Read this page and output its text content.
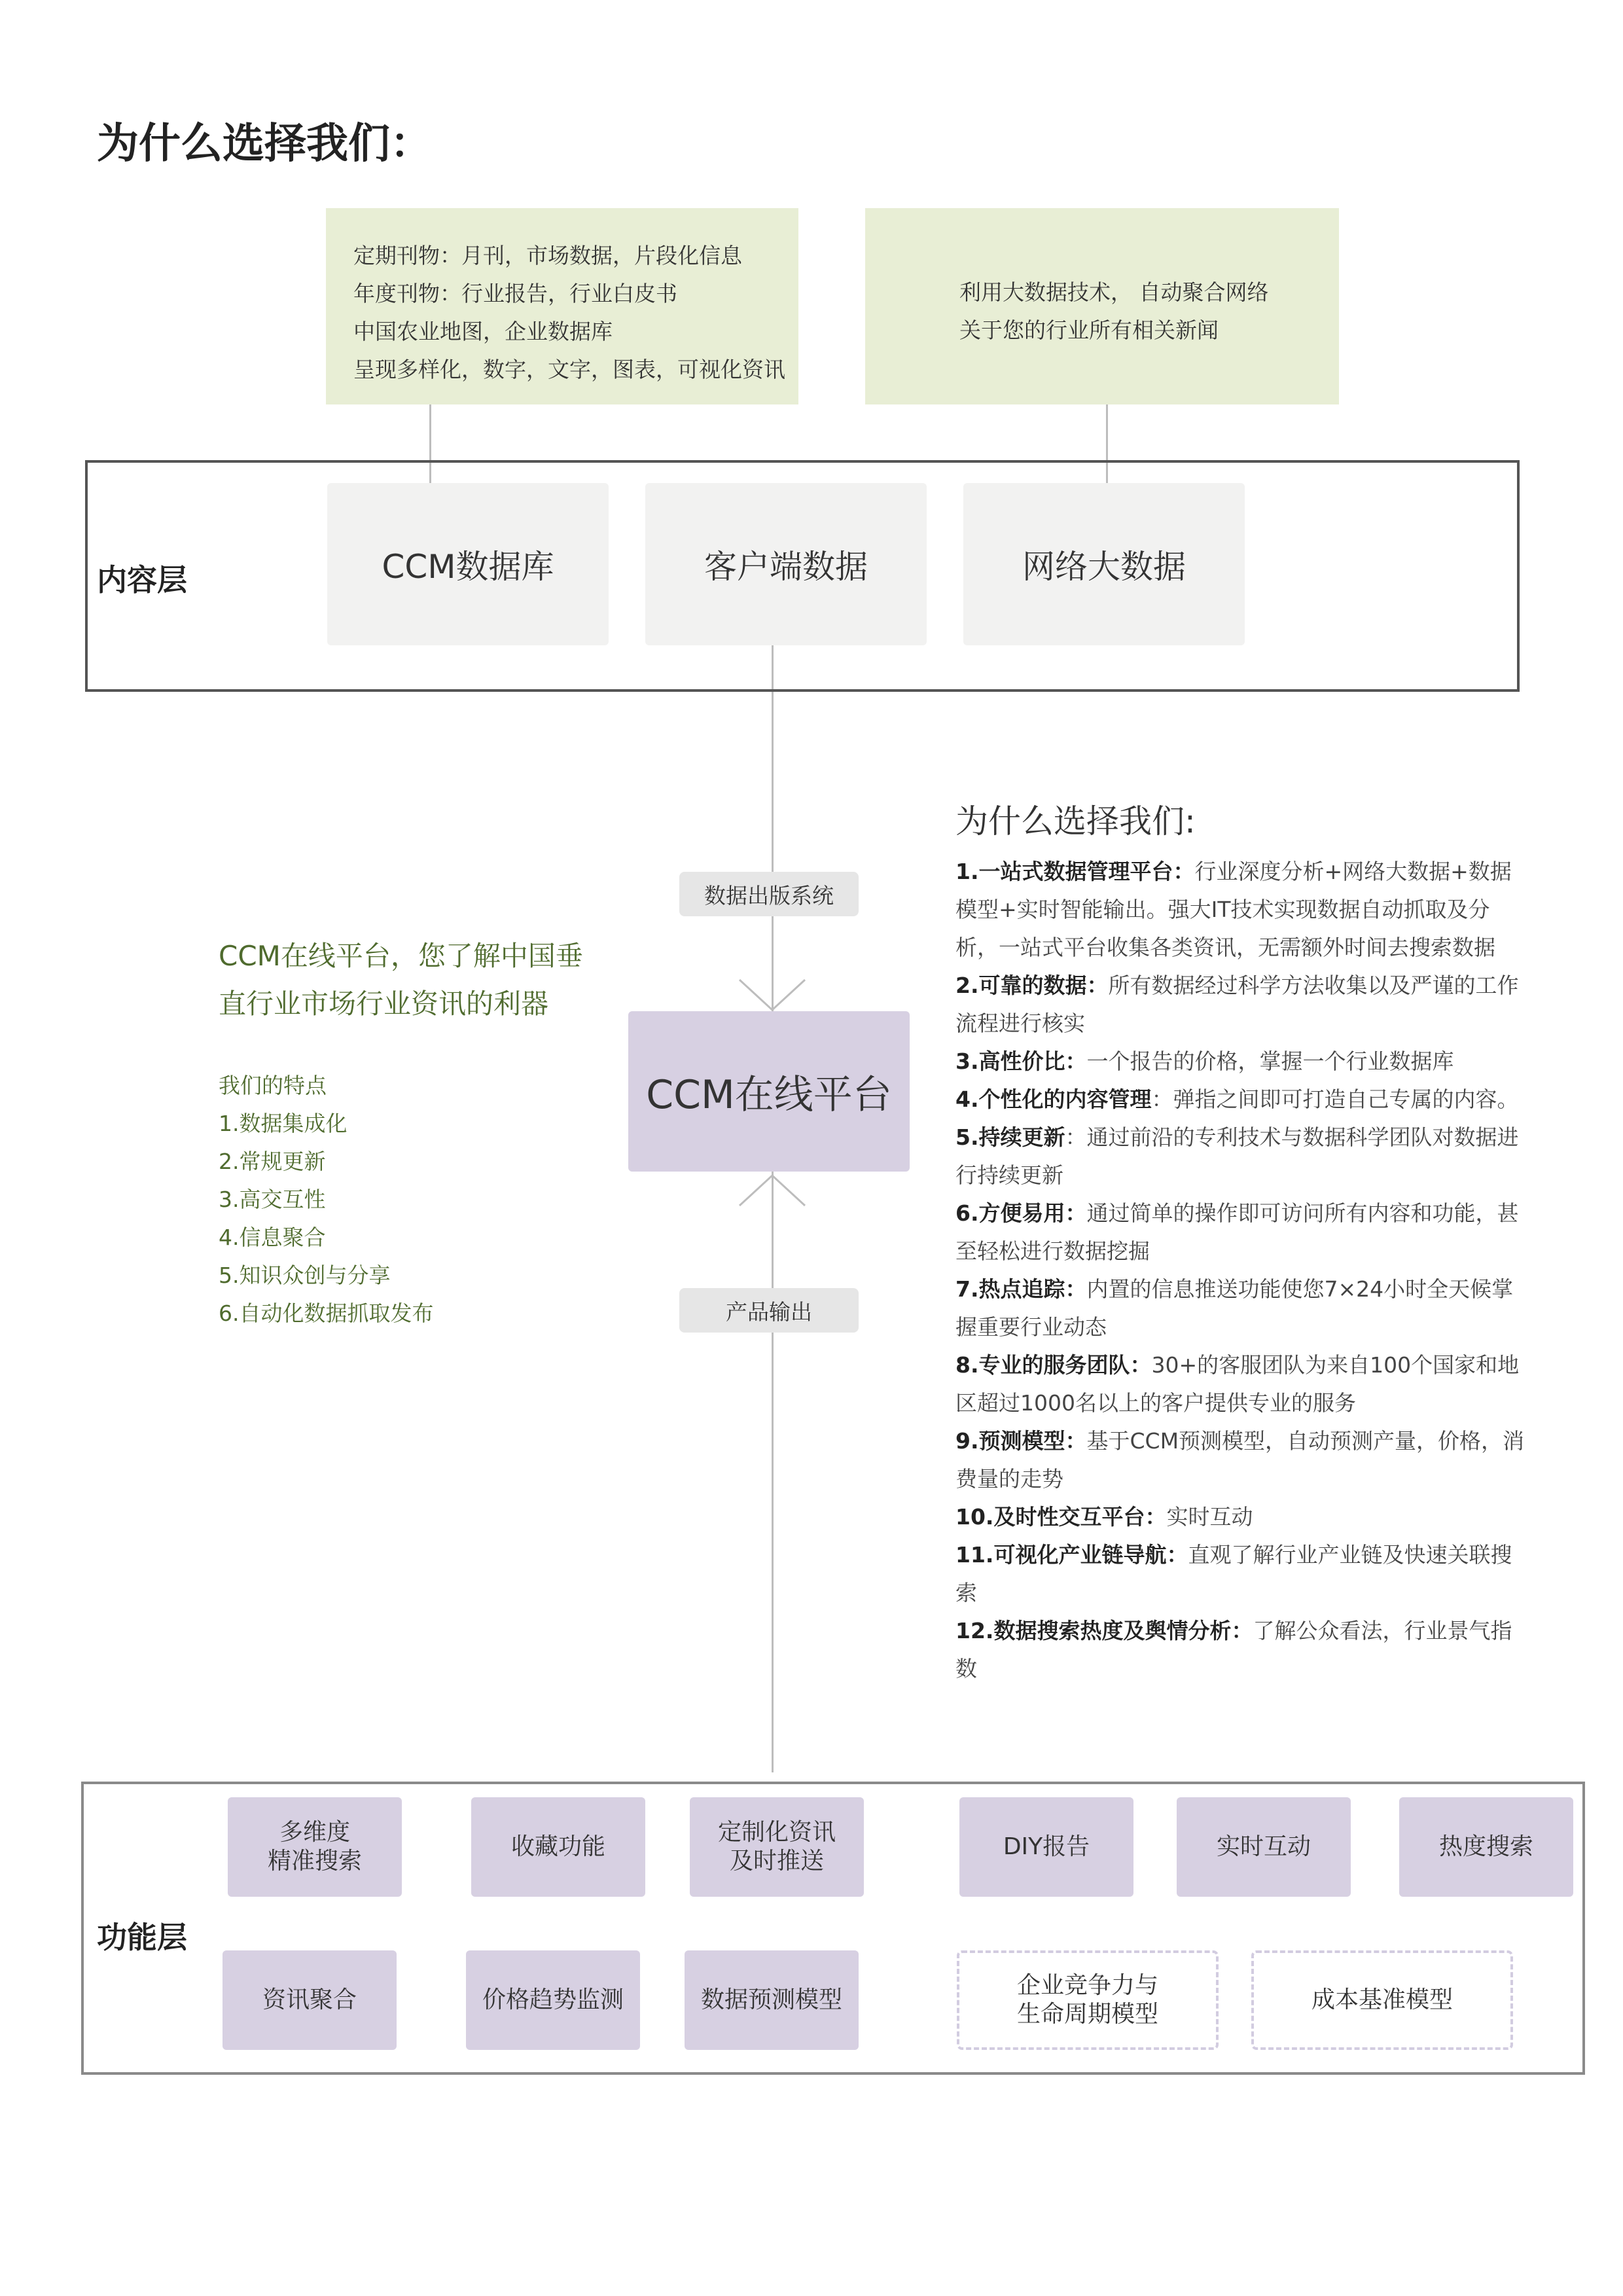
为什么选择我们：
定期刊物：月刊，市场数据，片段化信息
年度刊物：行业报告，行业白皮书
中国农业地图，企业数据库
呈现多样化，数字，文字，图表，可视化资讯
利用大数据技术， 自动聚合网络
关于您的行业所有相关新闻
内容层	CCM数据库	客户端数据	网络大数据
数据出版系统
CCM在线平台
产品输出
CCM在线平台，您了解中国垂
直行业市场行业资讯的利器
我们的特点
1.数据集成化
2.常规更新
3.高交互性
4.信息聚合
5.知识众创与分享
6.自动化数据抓取发布
为什么选择我们:
1.一站式数据管理平台：行业深度分析+网络大数据+数据模型+实时智能输出。强大IT技术实现数据自动抓取及分析，一站式平台收集各类资讯，无需额外时间去搜索数据
2.可靠的数据：所有数据经过科学方法收集以及严谨的工作流程进行核实
3.高性价比：一个报告的价格，掌握一个行业数据库
4.个性化的内容管理：弹指之间即可打造自己专属的内容。
5.持续更新：通过前沿的专利技术与数据科学团队对数据进行持续更新
6.方便易用：通过简单的操作即可访问所有内容和功能，甚至轻松进行数据挖掘
7.热点追踪：内置的信息推送功能使您7×24小时全天候掌握重要行业动态
8.专业的服务团队：30+的客服团队为来自100个国家和地区超过1000名以上的客户提供专业的服务
9.预测模型：基于CCM预测模型，自动预测产量，价格，消费量的走势
10.及时性交互平台：实时互动
11.可视化产业链导航：直观了解行业产业链及快速关联搜索
12.数据搜索热度及舆情分析：了解公众看法，行业景气指数
功能层
多维度
精准搜索
收藏功能
定制化资讯
及时推送
DIY报告	实时互动	热度搜索
资讯聚合	价格趋势监测	数据预测模型
企业竞争力与
生命周期模型
成本基准模型
